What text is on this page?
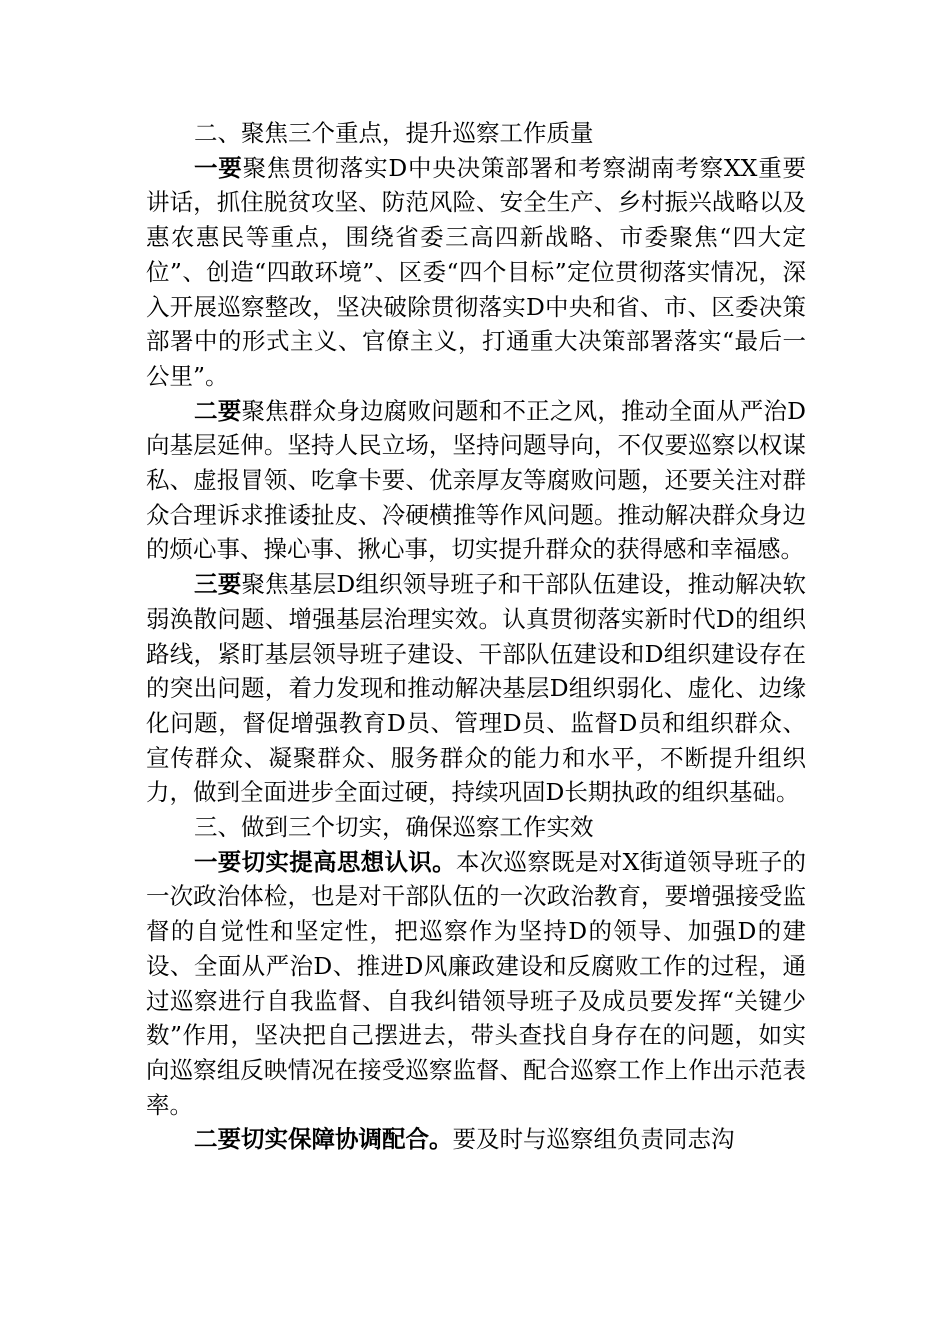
二、聚焦三个重点，提升巡察工作质量

一要聚焦贯彻落实D中央决策部署和考察湖南考察XX重要讲话，抓住脱贫攻坚、防范风险、安全生产、乡村振兴战略以及惠农惠民等重点，围绕省委三高四新战略、市委聚焦“四大定位”、创造“四敢环境”、区委“四个目标”定位贯彻落实情况，深入开展巡察整改，坚决破除贯彻落实D中央和省、市、区委决策部署中的形式主义、官僚主义，打通重大决策部署落实“最后一公里”。

二要聚焦群众身边腐败问题和不正之风，推动全面从严治D向基层延伸。坚持人民立场，坚持问题导向，不仅要巡察以权谋私、虚报冒领、吃拿卡要、优亲厚友等腐败问题，还要关注对群众合理诉求推诿扯皮、冷硬横推等作风问题。推动解决群众身边的烦心事、操心事、揪心事，切实提升群众的获得感和幸福感。

三要聚焦基层D组织领导班子和干部队伍建设，推动解决软弱涣散问题、增强基层治理实效。认真贯彻落实新时代D的组织路线，紧盯基层领导班子建设、干部队伍建设和D组织建设存在的突出问题，着力发现和推动解决基层D组织弱化、虚化、边缘化问题，督促增强教育D员、管理D员、监督D员和组织群众、宣传群众、凝聚群众、服务群众的能力和水平，不断提升组织力，做到全面进步全面过硬，持续巩固D长期执政的组织基础。

三、做到三个切实，确保巡察工作实效

一要切实提高思想认识。本次巡察既是对X街道领导班子的一次政治体检，也是对干部队伍的一次政治教育，要增强接受监督的自觉性和坚定性，把巡察作为坚持D的领导、加强D的建设、全面从严治D、推进D风廉政建设和反腐败工作的过程，通过巡察进行自我监督、自我纠错领导班子及成员要发挥“关键少数”作用，坚决把自己摆进去，带头查找自身存在的问题，如实向巡察组反映情况在接受巡察监督、配合巡察工作上作出示范表率。

二要切实保障协调配合。要及时与巡察组负责同志沟
